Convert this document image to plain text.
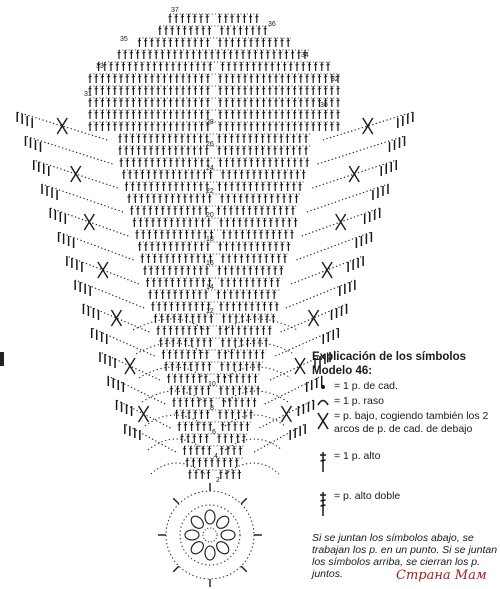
37
36
35
34
33
32
31
30
28
26
24
22
20
18
16
14
12
10
8
6
4
2
Explicación de los símbolos
Modelo 46:
= 1 p. de cad.
= 1 p. raso
= p. bajo, cogiendo también los 2 arcos de p. de cad. de debajo
= 1 p. alto
= p. alto doble
Si se juntan los símbolos abajo, se trabajan los p. en un punto. Si se juntan los símbolos arriba, se cierran los p. juntos.	Страна Мам
